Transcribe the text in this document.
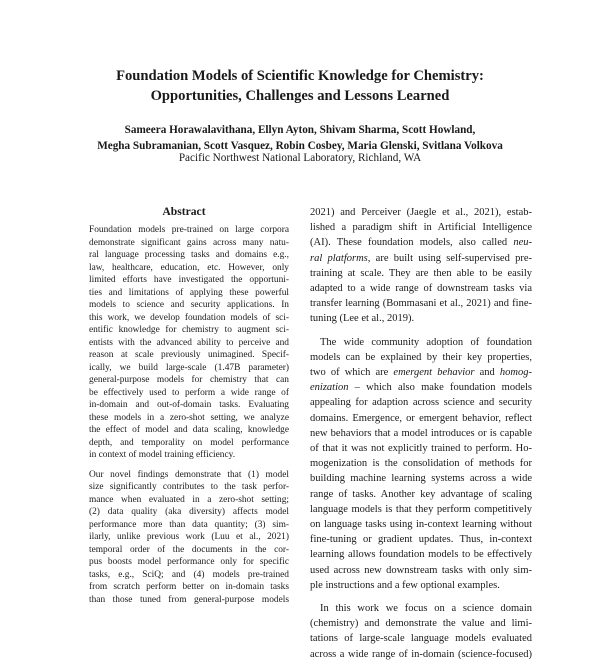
Foundation Models of Scientific Knowledge for Chemistry:
Opportunities, Challenges and Lessons Learned
Sameera Horawalavithana, Ellyn Ayton, Shivam Sharma, Scott Howland,
Megha Subramanian, Scott Vasquez, Robin Cosbey, Maria Glenski, Svitlana Volkova
Pacific Northwest National Laboratory, Richland, WA
Abstract
Foundation models pre-trained on large corpora
demonstrate significant gains across many natu-
ral language processing tasks and domains e.g.,
law, healthcare, education, etc. However, only
limited efforts have investigated the opportuni-
ties and limitations of applying these powerful
models to science and security applications. In
this work, we develop foundation models of sci-
entific knowledge for chemistry to augment sci-
entists with the advanced ability to perceive and
reason at scale previously unimagined. Specif-
ically, we build large-scale (1.47B parameter)
general-purpose models for chemistry that can
be effectively used to perform a wide range of
in-domain and out-of-domain tasks. Evaluating
these models in a zero-shot setting, we analyze
the effect of model and data scaling, knowledge
depth, and temporality on model performance
in context of model training efficiency.
Our novel findings demonstrate that (1) model
size significantly contributes to the task perfor-
mance when evaluated in a zero-shot setting;
(2) data quality (aka diversity) affects model
performance more than data quantity; (3) sim-
ilarly, unlike previous work (Luu et al., 2021)
temporal order of the documents in the cor-
pus boosts model performance only for specific
tasks, e.g., SciQ; and (4) models pre-trained
from scratch perform better on in-domain tasks
than those tuned from general-purpose models
2021) and Perceiver (Jaegle et al., 2021), estab-
lished a paradigm shift in Artificial Intelligence
(AI). These foundation models, also called neu-
ral platforms, are built using self-supervised pre-
training at scale. They are then able to be easily
adapted to a wide range of downstream tasks via
transfer learning (Bommasani et al., 2021) and fine-
tuning (Lee et al., 2019).
The wide community adoption of foundation
models can be explained by their key properties,
two of which are emergent behavior and homog-
enization – which also make foundation models
appealing for adaption across science and security
domains. Emergence, or emergent behavior, reflect
new behaviors that a model introduces or is capable
of that it was not explicitly trained to perform. Ho-
mogenization is the consolidation of methods for
building machine learning systems across a wide
range of tasks. Another key advantage of scaling
language models is that they perform competitively
on language tasks using in-context learning without
fine-tuning or gradient updates. Thus, in-context
learning allows foundation models to be effectively
used across new downstream tasks with only sim-
ple instructions and a few optional examples.
In this work we focus on a science domain
(chemistry) and demonstrate the value and limi-
tations of large-scale language models evaluated
across a wide range of in-domain (science-focused)
